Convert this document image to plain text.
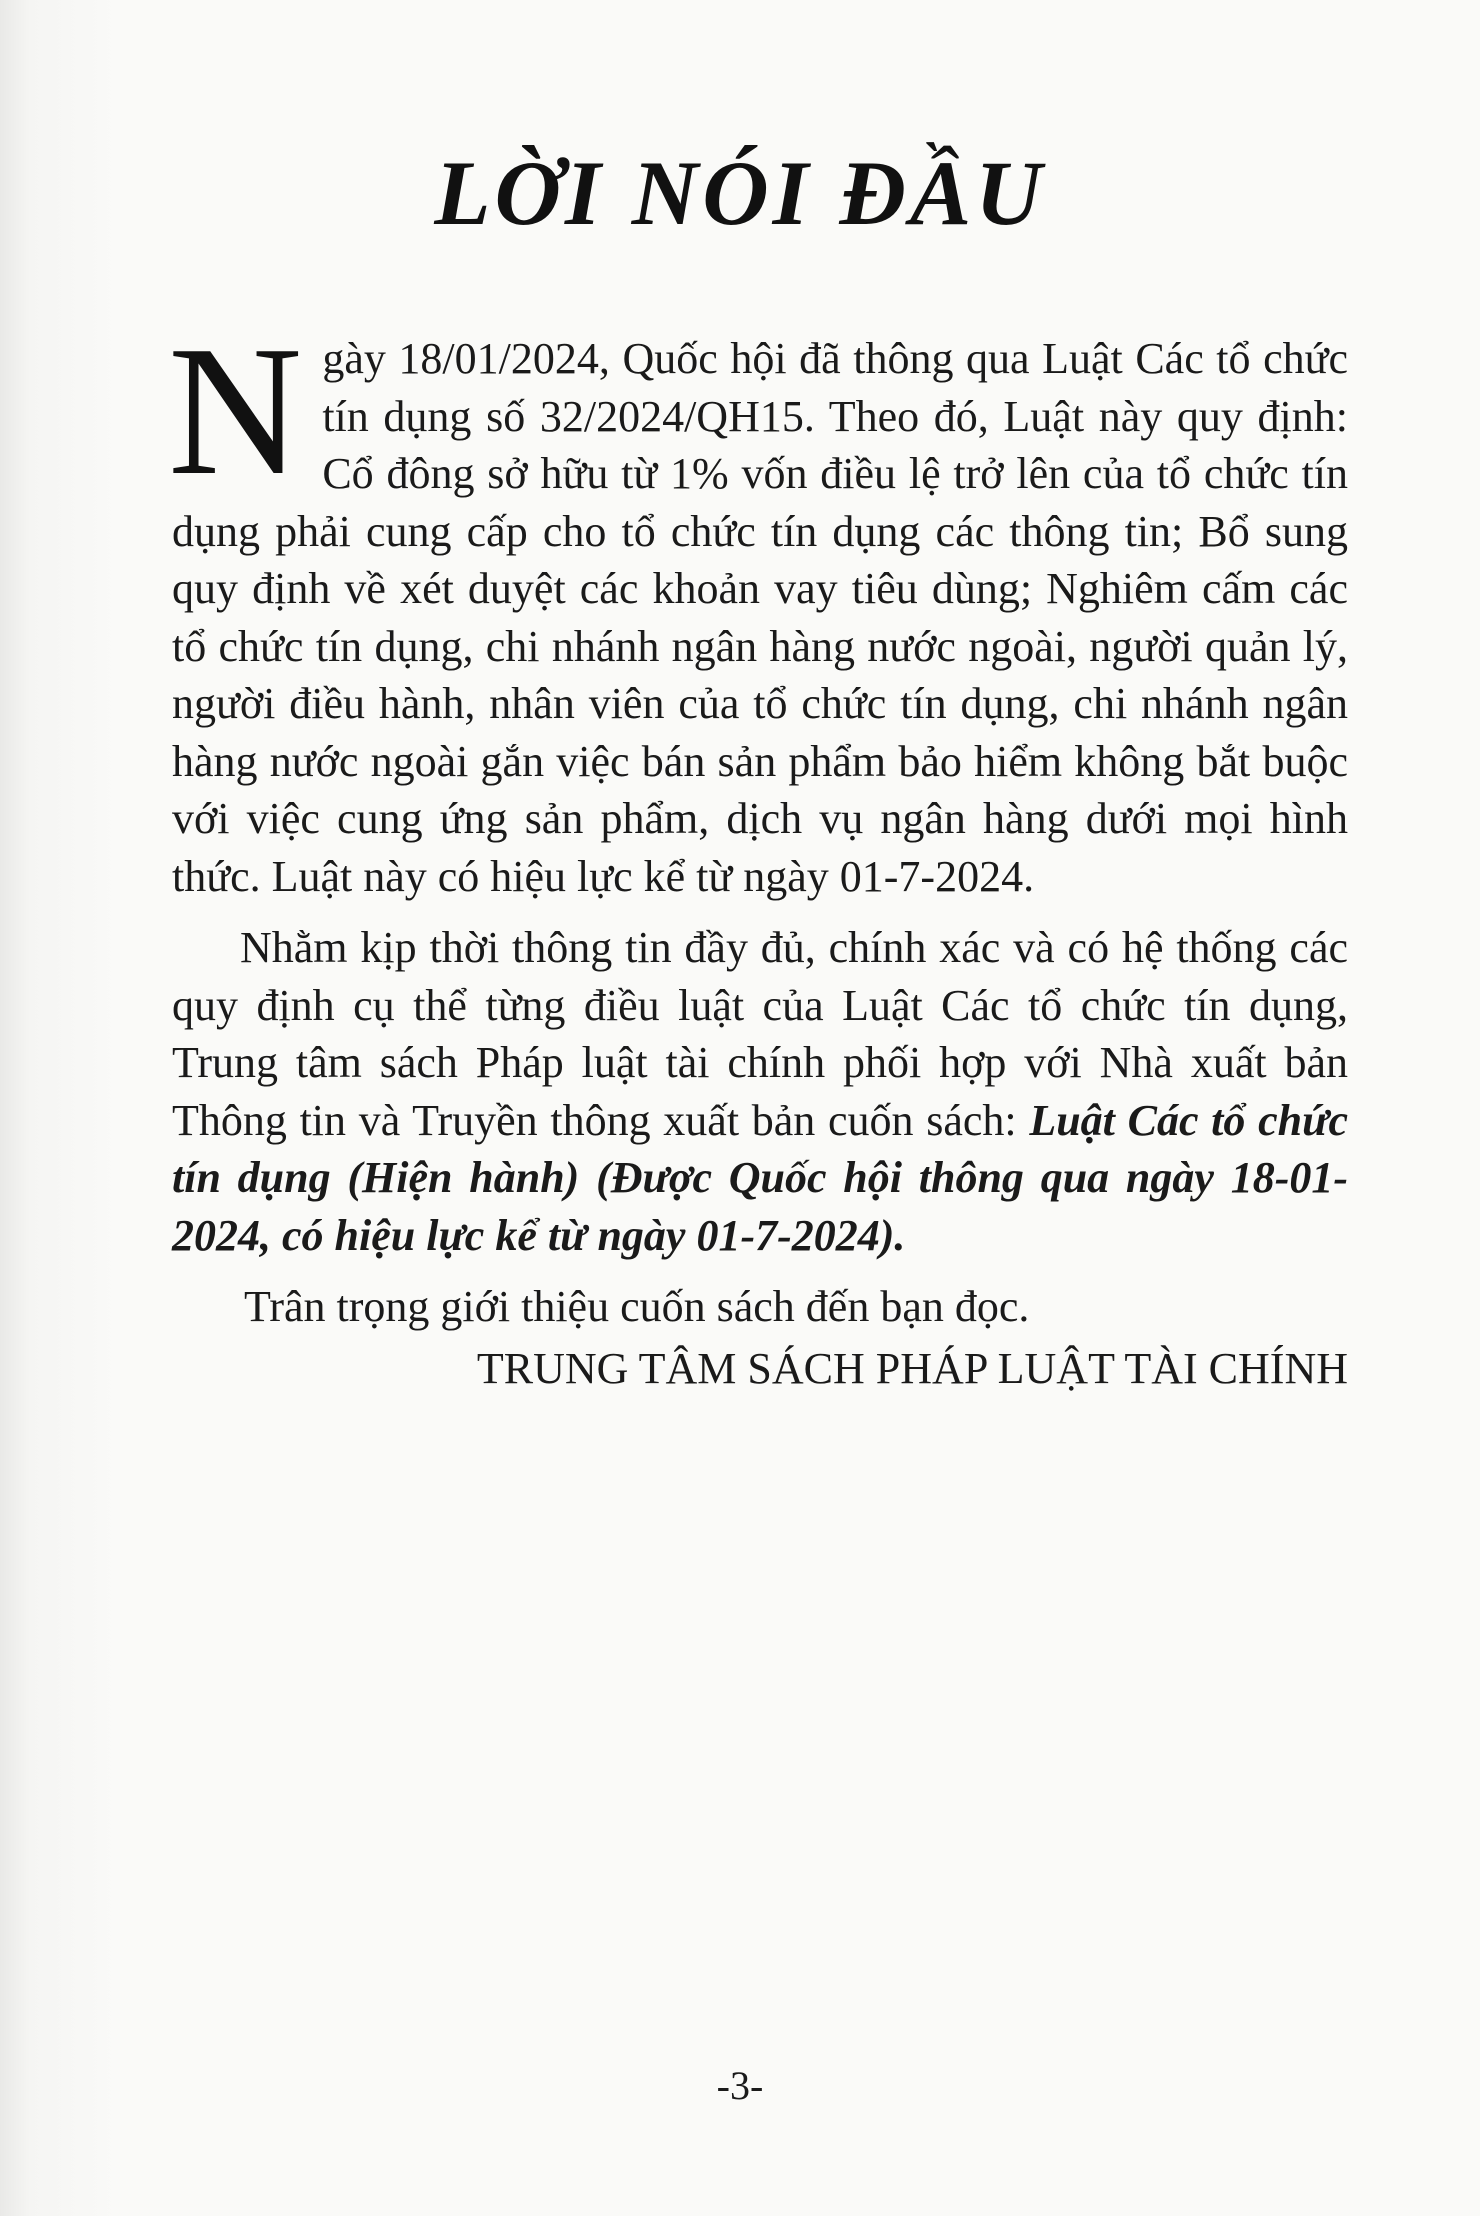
LỜI NÓI ĐẦU

Ngày 18/01/2024, Quốc hội đã thông qua Luật Các tổ chức tín dụng số 32/2024/QH15. Theo đó, Luật này quy định: Cổ đông sở hữu từ 1% vốn điều lệ trở lên của tổ chức tín dụng phải cung cấp cho tổ chức tín dụng các thông tin; Bổ sung quy định về xét duyệt các khoản vay tiêu dùng; Nghiêm cấm các tổ chức tín dụng, chi nhánh ngân hàng nước ngoài, người quản lý, người điều hành, nhân viên của tổ chức tín dụng, chi nhánh ngân hàng nước ngoài gắn việc bán sản phẩm bảo hiểm không bắt buộc với việc cung ứng sản phẩm, dịch vụ ngân hàng dưới mọi hình thức. Luật này có hiệu lực kể từ ngày 01-7-2024.

Nhằm kịp thời thông tin đầy đủ, chính xác và có hệ thống các quy định cụ thể từng điều luật của Luật Các tổ chức tín dụng, Trung tâm sách Pháp luật tài chính phối hợp với Nhà xuất bản Thông tin và Truyền thông xuất bản cuốn sách: Luật Các tổ chức tín dụng (Hiện hành) (Được Quốc hội thông qua ngày 18-01-2024, có hiệu lực kể từ ngày 01-7-2024).

Trân trọng giới thiệu cuốn sách đến bạn đọc.

TRUNG TÂM SÁCH PHÁP LUẬT TÀI CHÍNH

-3-
